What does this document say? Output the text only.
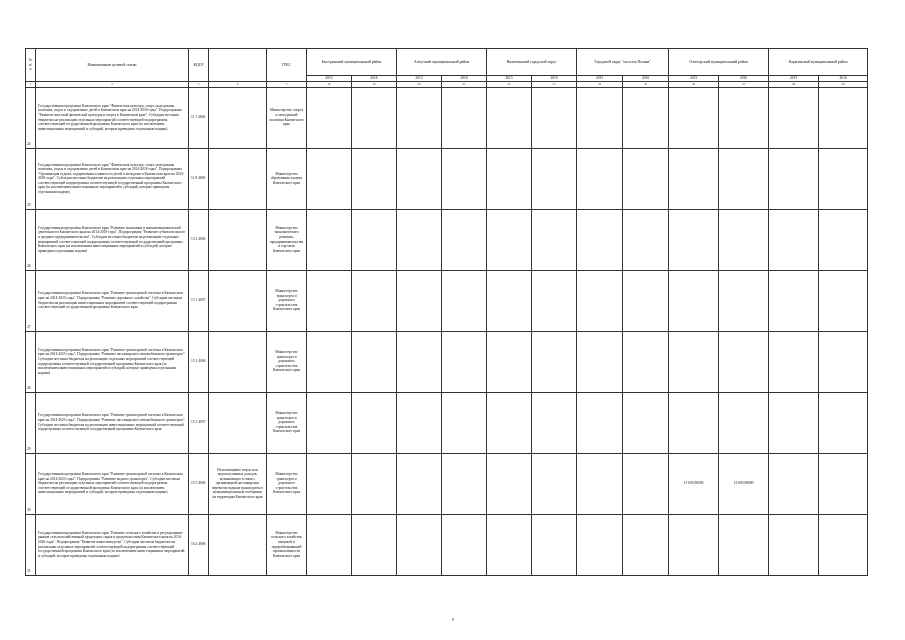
№ п/п	Наименование целевой статьи	КЦСР		ГРБС	Быстринский муниципальный район		Алеутский муниципальный район		Вилючинский городской округ		Городской округ "поселок Палана"		Олюторский муниципальный район		Карагинский муниципальный район	
					2015	2016	2015	2016	2015	2016	2015	2016	2015	2016	2015	2016
1	2	3	4	5	18	19	20	21	22	23	24	25	26	27	28	29

24	Государственная программа Камчатского края "Физическая культура, спорт, молодежная политика, отдых и оздоровление детей в Камчатском крае на 2014-2018 годы". Подпрограмма "Развитие массовой физической культуры и спорта в Камчатском крае". Субсидии местным бюджетам на реализацию отдельных мероприятий соответствующей подпрограммы соответствующей государственной программы Камчатского края (за исключением инвестиционных мероприятий и субсидий, которые приведены отдельными кодами)	11 1 4006		Министерство спорта и молодежной политики Камчатского края												

25	Государственная программа Камчатского края "Физическая культура, спорт, молодежная политика, отдых и оздоровление детей в Камчатском крае на 2014-2018 годы". Подпрограмма "Организация отдыха, оздоровления и занятости детей и молодежи в Камчатском крае на 2014-2018 годы". Субсидии местным бюджетам на реализацию отдельных мероприятий соответствующей подпрограммы соответствующей государственной программы Камчатского края (за исключением инвестиционных мероприятий и субсидий, которые приведены отдельными кодами)	11 8 4006		Министерство образования и науки Камчатского края												

26	Государственная программа Камчатского края "Развитие экономики и внешнеэкономической деятельности Камчатского края на 2014-2018 годы". Подпрограмма "Развитие субъектов малого и среднего предпринимательства". Субсидии местным бюджетам на реализацию отдельных мероприятий соответствующей подпрограммы соответствующей государственной программы Камчатского края (за исключением инвестиционных мероприятий и субсидий, которые приведены отдельными кодами)	13 2 4006		Министерство экономического развития, предпринимательства и торговли Камчатского края												

27	Государственная программа Камчатского края "Развитие транспортной системы в Камчатском крае на 2014-2025 годы". Подпрограмма "Развитие дорожного хозяйства". Субсидии местным бюджетам на реализацию инвестиционных мероприятий соответствующей подпрограммы соответствующей государственной программы Камчатского края	15 1 4007		Министерство транспорта и дорожного строительства Камчатского края												

28	Государственная программа Камчатского края "Развитие транспортной системы в Камчатском крае на 2014-2025 годы". Подпрограмма "Развитие пассажирского автомобильного транспорта". Субсидии местным бюджетам на реализацию отдельных мероприятий соответствующей подпрограммы соответствующей государственной программы Камчатского края (за исключением инвестиционных мероприятий и субсидий, которые приведены отдельными кодами)	15 3 4006		Министерство транспорта и дорожного строительства Камчатского края												

29	Государственная программа Камчатского края "Развитие транспортной системы в Камчатском крае на 2014-2025 годы". Подпрограмма "Развитие пассажирского автомобильного транспорта". Субсидии местным бюджетам на реализацию инвестиционных мероприятий соответствующей подпрограммы соответствующей государственной программы Камчатского края	15 3 4007		Министерство транспорта и дорожного строительства Камчатского края												

30	Государственная программа Камчатского края "Развитие транспортной системы в Камчатском крае на 2014-2025 годы". Подпрограмма "Развитие водного транспорта". Субсидии местным бюджетам на реализацию отдельных мероприятий соответствующей подпрограммы соответствующей государственной программы Камчатского края (за исключением инвестиционных мероприятий и субсидий, которые приведены отдельными кодами)	15 5 4006	На возмещение затрат или недополученных доходов, возникающих в связи с организацией пассажирских перевозок водным транспортом в межмуниципальном сообщении на территории Камчатского края	Министерство транспорта и дорожного строительства Камчатского края									15 693,90000	15 693,90000		

31	Государственная программа Камчатского края "Развитие сельского хозяйства и регулирование рынков сельскохозяйственной продукции, сырья и продовольствия Камчатского края на 2014-2020 годы". Подпрограмма "Развитие животноводства". Субсидии местным бюджетам на реализацию отдельных мероприятий соответствующей подпрограммы соответствующей государственной программы Камчатского края (за исключением инвестиционных мероприятий и субсидий, которые приведены отдельными кодами)	16 2 4006		Министерство сельского хозяйства, пищевой и перерабатывающей промышленности Камчатского края												
9
